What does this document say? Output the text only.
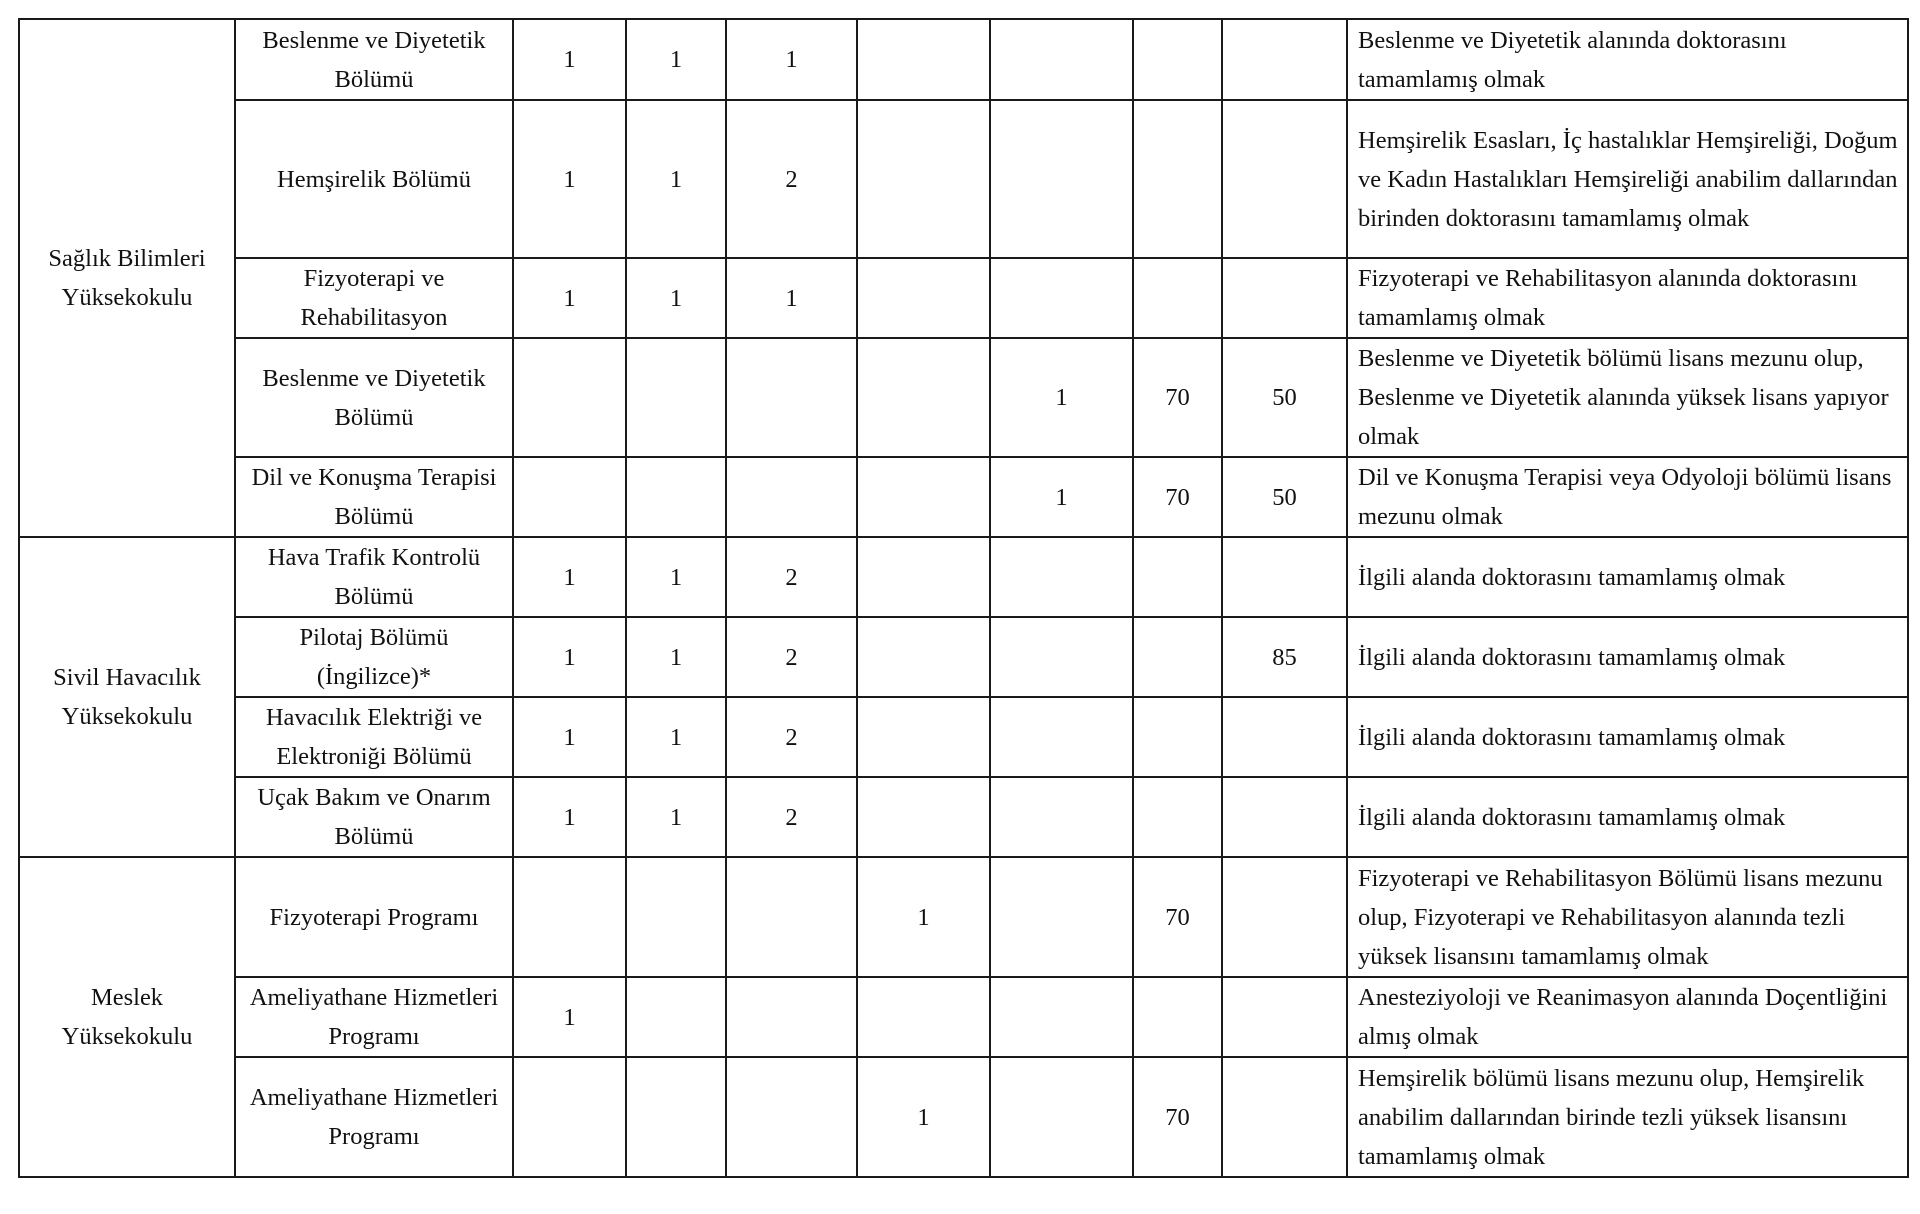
Sağlık Bilimleri Yüksekokulu	Beslenme ve Diyetetik Bölümü	1	1	1					Beslenme ve Diyetetik alanında doktorasını tamamlamış olmak
	Hemşirelik Bölümü	1	1	2					Hemşirelik Esasları, İç hastalıklar Hemşireliği, Doğum ve Kadın Hastalıkları Hemşireliği anabilim dallarından birinden doktorasını tamamlamış olmak
	Fizyoterapi ve Rehabilitasyon	1	1	1					Fizyoterapi ve Rehabilitasyon alanında doktorasını tamamlamış olmak
	Beslenme ve Diyetetik Bölümü					1	70	50	Beslenme ve Diyetetik bölümü lisans mezunu olup, Beslenme ve Diyetetik alanında yüksek lisans yapıyor olmak
	Dil ve Konuşma Terapisi Bölümü					1	70	50	Dil ve Konuşma Terapisi veya Odyoloji bölümü lisans mezunu olmak
Sivil Havacılık Yüksekokulu	Hava Trafik Kontrolü Bölümü	1	1	2					İlgili alanda doktorasını tamamlamış olmak
	Pilotaj Bölümü (İngilizce)*	1	1	2				85	İlgili alanda doktorasını tamamlamış olmak
	Havacılık Elektriği ve Elektroniği Bölümü	1	1	2					İlgili alanda doktorasını tamamlamış olmak
	Uçak Bakım ve Onarım Bölümü	1	1	2					İlgili alanda doktorasını tamamlamış olmak
Meslek Yüksekokulu	Fizyoterapi Programı				1		70		Fizyoterapi ve Rehabilitasyon Bölümü lisans mezunu olup, Fizyoterapi ve Rehabilitasyon alanında tezli yüksek lisansını tamamlamış olmak
	Ameliyathane Hizmetleri Programı	1							Anesteziyoloji ve Reanimasyon alanında Doçentliğini almış olmak
	Ameliyathane Hizmetleri Programı				1		70		Hemşirelik bölümü lisans mezunu olup, Hemşirelik anabilim dallarından birinde tezli yüksek lisansını tamamlamış olmak
